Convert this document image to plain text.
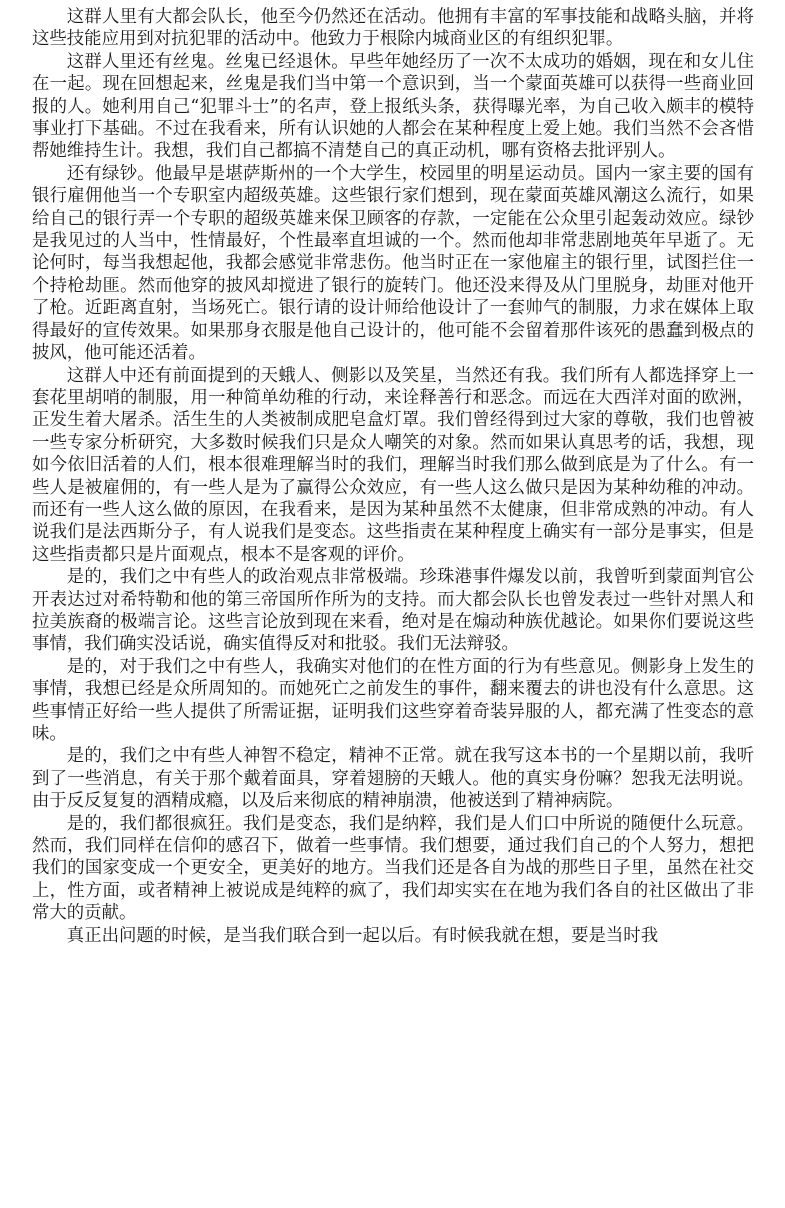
这群人里有大都会队长，他至今仍然还在活动。他拥有丰富的军事技能和战略头脑，并将这些技能应用到对抗犯罪的活动中。他致力于根除内城商业区的有组织犯罪。

这群人里还有丝鬼。丝鬼已经退休。早些年她经历了一次不太成功的婚姻，现在和女儿住在一起。现在回想起来，丝鬼是我们当中第一个意识到，当一个蒙面英雄可以获得一些商业回报的人。她利用自己“犯罪斗士”的名声，登上报纸头条，获得曝光率，为自己收入颇丰的模特事业打下基础。不过在我看来，所有认识她的人都会在某种程度上爱上她。我们当然不会吝惜帮她维持生计。我想，我们自己都搞不清楚自己的真正动机，哪有资格去批评别人。

还有绿钞。他最早是堪萨斯州的一个大学生，校园里的明星运动员。国内一家主要的国有银行雇佣他当一个专职室内超级英雄。这些银行家们想到，现在蒙面英雄风潮这么流行，如果给自己的银行弄一个专职的超级英雄来保卫顾客的存款，一定能在公众里引起轰动效应。绿钞是我见过的人当中，性情最好，个性最率直坦诚的一个。然而他却非常悲剧地英年早逝了。无论何时，每当我想起他，我都会感觉非常悲伤。他当时正在一家他雇主的银行里，试图拦住一个持枪劫匪。然而他穿的披风却搅进了银行的旋转门。他还没来得及从门里脱身，劫匪对他开了枪。近距离直射，当场死亡。银行请的设计师给他设计了一套帅气的制服，力求在媒体上取得最好的宣传效果。如果那身衣服是他自己设计的，他可能不会留着那件该死的愚蠢到极点的披风，他可能还活着。

这群人中还有前面提到的天蛾人、侧影以及笑星，当然还有我。我们所有人都选择穿上一套花里胡哨的制服，用一种简单幼稚的行动，来诠释善行和恶念。而远在大西洋对面的欧洲，正发生着大屠杀。活生生的人类被制成肥皂盒灯罩。我们曾经得到过大家的尊敬，我们也曾被一些专家分析研究，大多数时候我们只是众人嘲笑的对象。然而如果认真思考的话，我想，现如今依旧活着的人们，根本很难理解当时的我们，理解当时我们那么做到底是为了什么。有一些人是被雇佣的，有一些人是为了赢得公众效应，有一些人这么做只是因为某种幼稚的冲动。而还有一些人这么做的原因，在我看来，是因为某种虽然不太健康，但非常成熟的冲动。有人说我们是法西斯分子，有人说我们是变态。这些指责在某种程度上确实有一部分是事实，但是这些指责都只是片面观点，根本不是客观的评价。

是的，我们之中有些人的政治观点非常极端。珍珠港事件爆发以前，我曾听到蒙面判官公开表达过对希特勒和他的第三帝国所作所为的支持。而大都会队长也曾发表过一些针对黑人和拉美族裔的极端言论。这些言论放到现在来看，绝对是在煽动种族优越论。如果你们要说这些事情，我们确实没话说，确实值得反对和批驳。我们无法辩驳。

是的，对于我们之中有些人，我确实对他们的在性方面的行为有些意见。侧影身上发生的事情，我想已经是众所周知的。而她死亡之前发生的事件，翻来覆去的讲也没有什么意思。这些事情正好给一些人提供了所需证据，证明我们这些穿着奇装异服的人，都充满了性变态的意味。

是的，我们之中有些人神智不稳定，精神不正常。就在我写这本书的一个星期以前，我听到了一些消息，有关于那个戴着面具，穿着翅膀的天蛾人。他的真实身份嘛？恕我无法明说。由于反反复复的酒精成瘾，以及后来彻底的精神崩溃，他被送到了精神病院。

是的，我们都很疯狂。我们是变态，我们是纳粹，我们是人们口中所说的随便什么玩意。然而，我们同样在信仰的感召下，做着一些事情。我们想要，通过我们自己的个人努力，想把我们的国家变成一个更安全，更美好的地方。当我们还是各自为战的那些日子里，虽然在社交上，性方面，或者精神上被说成是纯粹的疯了，我们却实实在在地为我们各自的社区做出了非常大的贡献。

真正出问题的时候，是当我们联合到一起以后。有时候我就在想，要是当时我
